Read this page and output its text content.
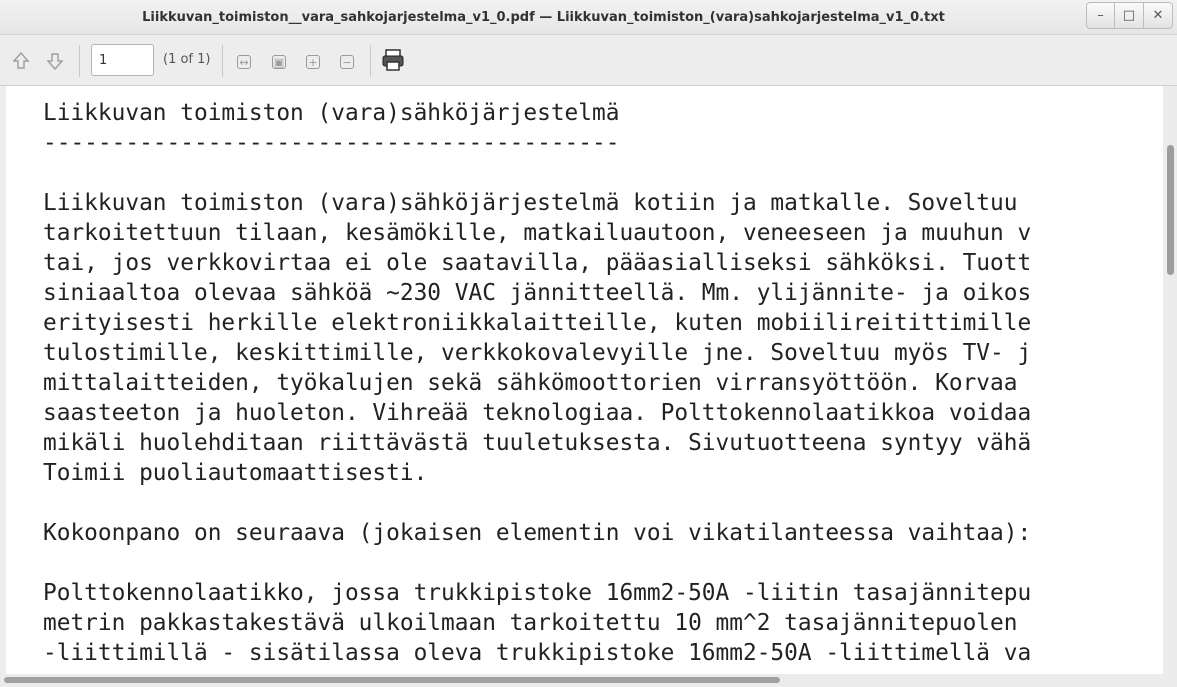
Liikkuvan_toimiston__vara_sahkojarjestelma_v1_0.pdf — Liikkuvan_toimiston_(vara)sahkojarjestelma_v1_0.txt	–	□	✕
1
(1 of 1)	↔	▣	+	−
Liikkuvan toimiston (vara)sähköjärjestelmä
------------------------------------------

Liikkuvan toimiston (vara)sähköjärjestelmä kotiin ja matkalle. Soveltuu
tarkoitettuun tilaan, kesämökille, matkailuautoon, veneeseen ja muuhun v
tai, jos verkkovirtaa ei ole saatavilla, pääasialliseksi sähköksi. Tuott
siniaaltoa olevaa sähköä ~230 VAC jännitteellä. Mm. ylijännite- ja oikos
erityisesti herkille elektroniikkalaitteille, kuten mobiilireitittimille
tulostimille, keskittimille, verkkokovalevyille jne. Soveltuu myös TV- j
mittalaitteiden, työkalujen sekä sähkömoottorien virransyöttöön. Korvaa
saasteeton ja huoleton. Vihreää teknologiaa. Polttokennolaatikkoa voidaa
mikäli huolehditaan riittävästä tuuletuksesta. Sivutuotteena syntyy vähä
Toimii puoliautomaattisesti.

Kokoonpano on seuraava (jokaisen elementin voi vikatilanteessa vaihtaa):

Polttokennolaatikko, jossa trukkipistoke 16mm2-50A -liitin tasajännitepu
metrin pakkastakestävä ulkoilmaan tarkoitettu 10 mm^2 tasajännitepuolen
-liittimillä - sisätilassa oleva trukkipistoke 16mm2-50A -liittimellä va
